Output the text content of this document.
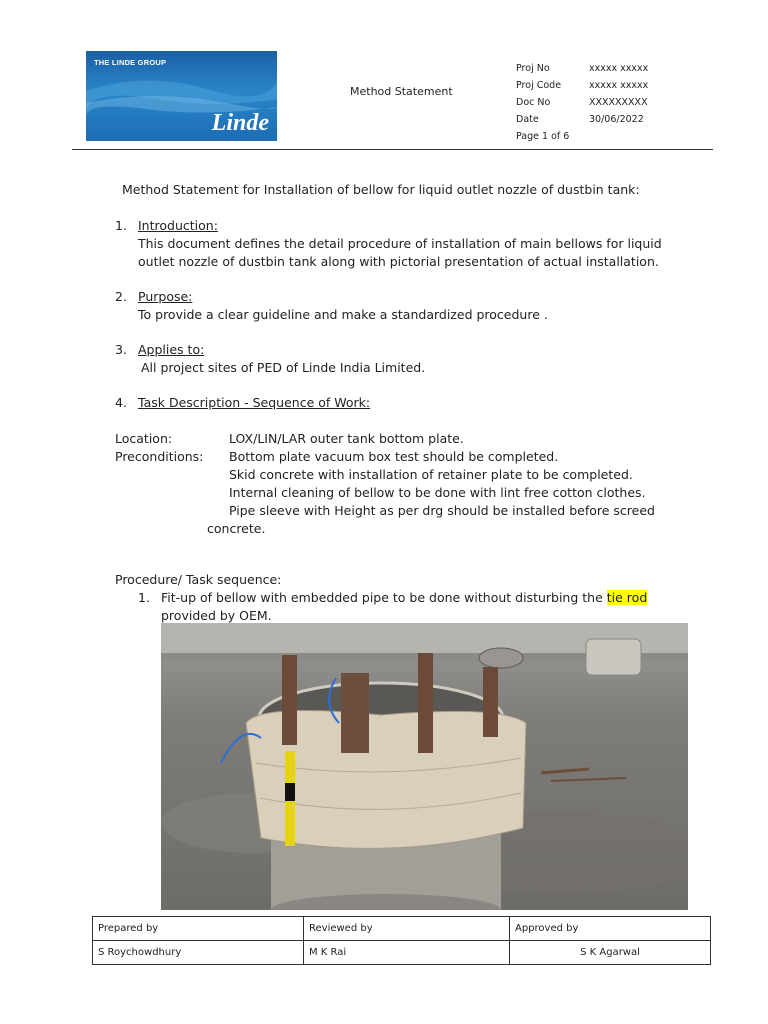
THE LINDE GROUP
Linde
Method Statement
Proj No	xxxxx xxxxx
Proj Code	xxxxx xxxxx
Doc No	XXXXXXXXX
Date	30/06/2022
Page 1 of 6
Method Statement for Installation of bellow for liquid outlet nozzle of dustbin tank:
1. Introduction:
This document defines the detail procedure of installation of main bellows for liquid
outlet nozzle of dustbin tank along with pictorial presentation of actual installation.
2. Purpose:
To provide a clear guideline and make a standardized procedure .
3. Applies to:
All project sites of PED of Linde India Limited.
4. Task Description - Sequence of Work:
Location:	LOX/LIN/LAR outer tank bottom plate.
Preconditions: Bottom plate vacuum box test should be completed.
Skid concrete with installation of retainer plate to be completed.
Internal cleaning of bellow to be done with lint free cotton clothes.
Pipe sleeve with Height as per drg should be installed before screed
concrete.
Procedure/ Task sequence:
1. Fit-up of bellow with embedded pipe to be done without disturbing the tie rod
provided by OEM.
Prepared by	Reviewed by	Approved by
S Roychowdhury	M K Rai	S K Agarwal
